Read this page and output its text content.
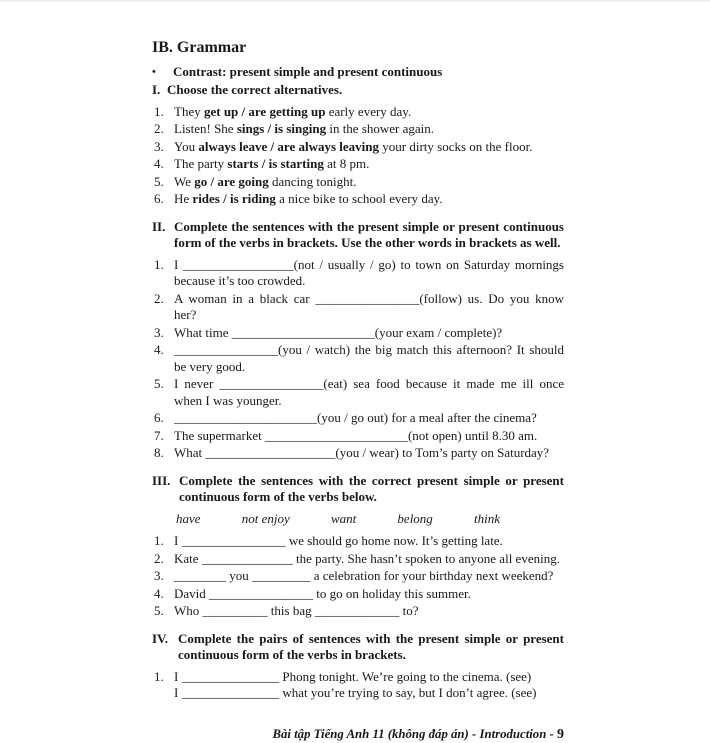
IB. Grammar
•	Contrast: present simple and present continuous
I. Choose the correct alternatives.
1. They get up / are getting up early every day.
2. Listen! She sings / is singing in the shower again.
3. You always leave / are always leaving your dirty socks on the floor.
4. The party starts / is starting at 8 pm.
5. We go / are going dancing tonight.
6. He rides / is riding a nice bike to school every day.
II. Complete the sentences with the present simple or present continuous form of the verbs in brackets. Use the other words in brackets as well.
1. I _________________(not / usually / go) to town on Saturday mornings because it’s too crowded.
2. A woman in a black car ________________(follow) us. Do you know her?
3. What time ______________________(your exam / complete)?
4. ________________(you / watch) the big match this afternoon? It should be very good.
5. I never ________________(eat) sea food because it made me ill once when I was younger.
6. ______________________(you / go out) for a meal after the cinema?
7. The supermarket ______________________(not open) until 8.30 am.
8. What ____________________(you / wear) to Tom’s party on Saturday?
III. Complete the sentences with the correct present simple or present continuous form of the verbs below.
have	not enjoy	want	belong	think
1. I ________________ we should go home now. It’s getting late.
2. Kate ______________ the party. She hasn’t spoken to anyone all evening.
3. ________ you _________ a celebration for your birthday next weekend?
4. David ________________ to go on holiday this summer.
5. Who __________ this bag _____________ to?
IV. Complete the pairs of sentences with the present simple or present continuous form of the verbs in brackets.
1. I _______________ Phong tonight. We’re going to the cinema. (see)
I _______________ what you’re trying to say, but I don’t agree. (see)
Bài tập Tiếng Anh 11 (không đáp án) - Introduction - 9
